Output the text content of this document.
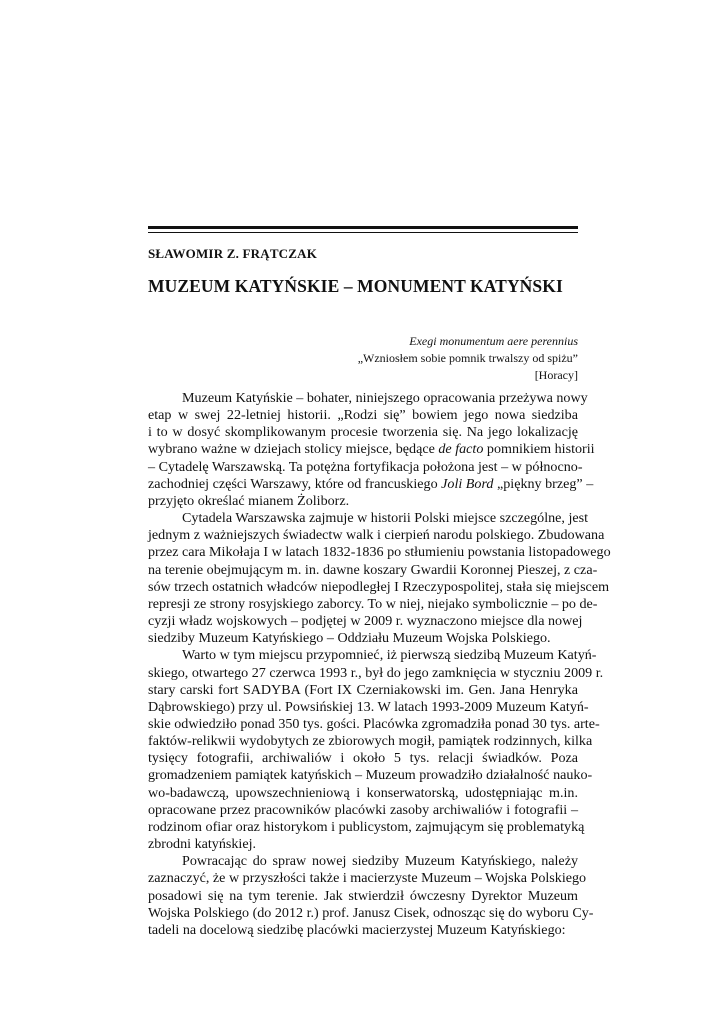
SŁAWOMIR Z. FRĄTCZAK
MUZEUM KATYŃSKIE – MONUMENT KATYŃSKI
Exegi monumentum aere perennius
„Wzniosłem sobie pomnik trwalszy od spiżu”
[Horacy]
Muzeum Katyńskie – bohater, niniejszego opracowania przeżywa nowy
etap w swej 22-letniej historii. „Rodzi się” bowiem jego nowa siedziba
i to w dosyć skomplikowanym procesie tworzenia się. Na jego lokalizację
wybrano ważne w dziejach stolicy miejsce, będące de facto pomnikiem historii
– Cytadelę Warszawską. Ta potężna fortyfikacja położona jest – w północno-
zachodniej części Warszawy, które od francuskiego Joli Bord „piękny brzeg” –
przyjęto określać mianem Żoliborz.
Cytadela Warszawska zajmuje w historii Polski miejsce szczególne, jest
jednym z ważniejszych świadectw walk i cierpień narodu polskiego. Zbudowana
przez cara Mikołaja I w latach 1832-1836 po stłumieniu powstania listopadowego
na terenie obejmującym m. in. dawne koszary Gwardii Koronnej Pieszej, z cza-
sów trzech ostatnich władców niepodległej I Rzeczypospolitej, stała się miejscem
represji ze strony rosyjskiego zaborcy. To w niej, niejako symbolicznie – po de-
cyzji władz wojskowych – podjętej w 2009 r. wyznaczono miejsce dla nowej
siedziby Muzeum Katyńskiego – Oddziału Muzeum Wojska Polskiego.
Warto w tym miejscu przypomnieć, iż pierwszą siedzibą Muzeum Katyń-
skiego, otwartego 27 czerwca 1993 r., był do jego zamknięcia w styczniu 2009 r.
stary carski fort SADYBA (Fort IX Czerniakowski im. Gen. Jana Henryka
Dąbrowskiego) przy ul. Powsińskiej 13. W latach 1993-2009 Muzeum Katyń-
skie odwiedziło ponad 350 tys. gości. Placówka zgromadziła ponad 30 tys. arte-
faktów-relikwii wydobytych ze zbiorowych mogił, pamiątek rodzinnych, kilka
tysięcy fotografii, archiwaliów i około 5 tys. relacji świadków. Poza
gromadzeniem pamiątek katyńskich – Muzeum prowadziło działalność nauko-
wo-badawczą, upowszechnieniową i konserwatorską, udostępniając m.in.
opracowane przez pracowników placówki zasoby archiwaliów i fotografii –
rodzinom ofiar oraz historykom i publicystom, zajmującym się problematyką
zbrodni katyńskiej.
Powracając do spraw nowej siedziby Muzeum Katyńskiego, należy
zaznaczyć, że w przyszłości także i macierzyste Muzeum – Wojska Polskiego
posadowi się na tym terenie. Jak stwierdził ówczesny Dyrektor Muzeum
Wojska Polskiego (do 2012 r.) prof. Janusz Cisek, odnosząc się do wyboru Cy-
tadeli na docelową siedzibę placówki macierzystej Muzeum Katyńskiego:
